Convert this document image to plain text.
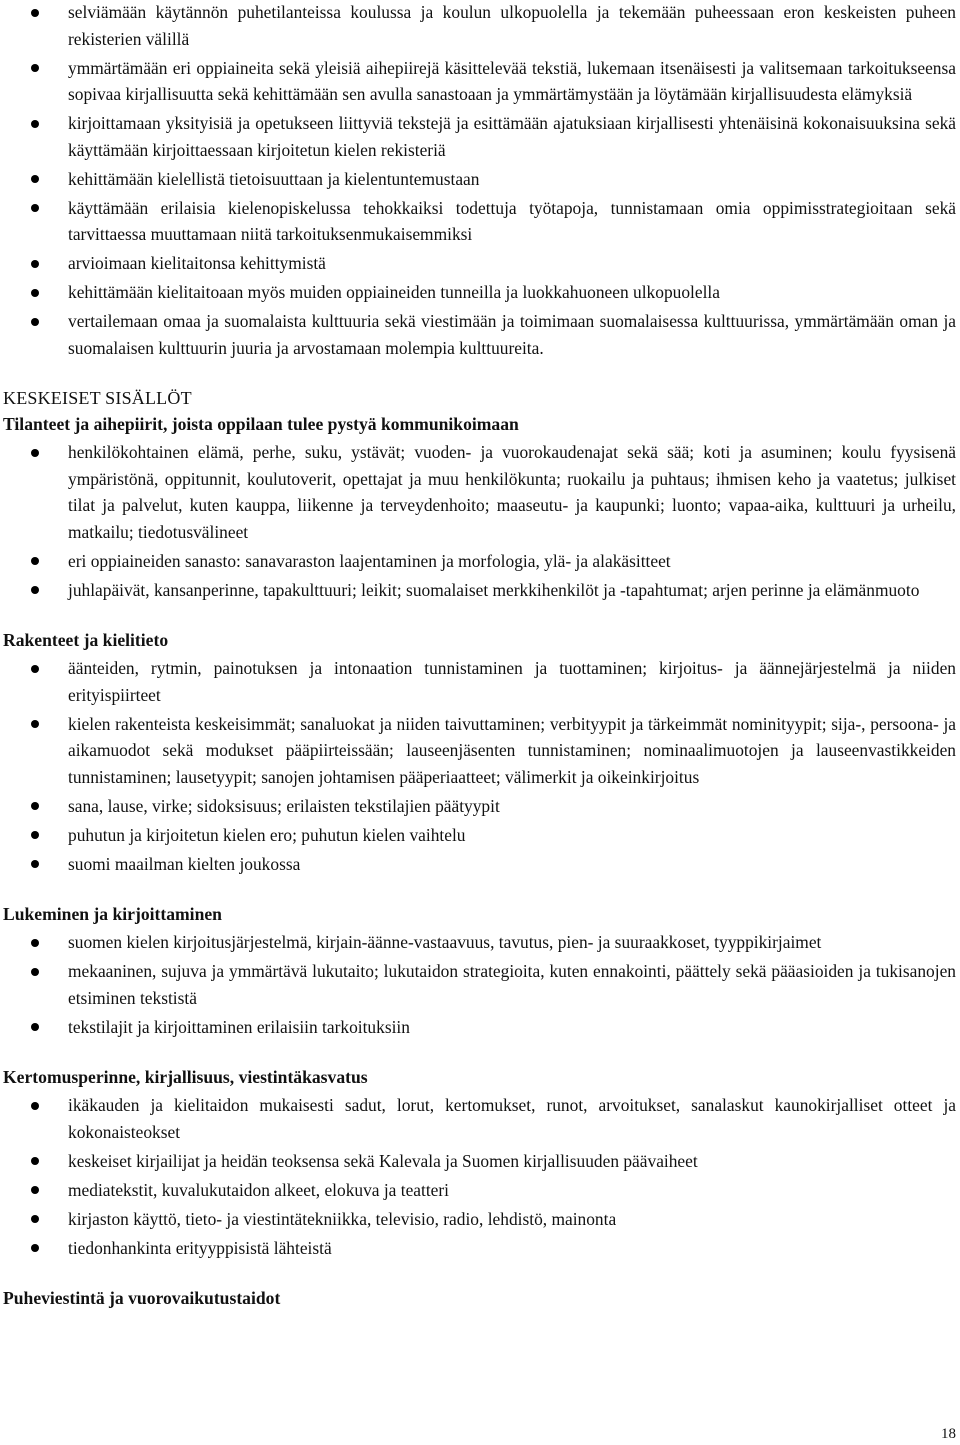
selviämään käytännön puhetilanteissa koulussa ja koulun ulkopuolella ja tekemään puheessaan eron keskeisten puheen rekisterien välillä
ymmärtämään eri oppiaineita sekä yleisiä aihepiirejä käsittelevää tekstiä, lukemaan itsenäisesti ja valitsemaan tarkoitukseensa sopivaa kirjallisuutta sekä kehittämään sen avulla sanastoaan ja ymmärtämystään ja löytämään kirjallisuudesta elämyksiä
kirjoittamaan yksityisiä ja opetukseen liittyviä tekstejä ja esittämään ajatuksiaan kirjallisesti yhtenäisinä kokonaisuuksina sekä käyttämään kirjoittaessaan kirjoitetun kielen rekisteriä
kehittämään kielellistä tietoisuuttaan ja kielentuntemustaan
käyttämään erilaisia kielenopiskelussa tehokkaiksi todettuja työtapoja, tunnistamaan omia oppimisstrategioitaan sekä tarvittaessa muuttamaan niitä tarkoituksenmukaisemmiksi
arvioimaan kielitaitonsa kehittymistä
kehittämään kielitaitoaan myös muiden oppiaineiden tunneilla ja luokkahuoneen ulkopuolella
vertailemaan omaa ja suomalaista kulttuuria sekä viestimään ja toimimaan suomalaisessa kulttuurissa, ymmärtämään oman ja suomalaisen kulttuurin juuria ja arvostamaan molempia kulttuureita.
KESKEISET SISÄLLÖT
Tilanteet ja aihepiirit, joista oppilaan tulee pystyä kommunikoimaan
henkilökohtainen elämä, perhe, suku, ystävät; vuoden- ja vuorokaudenajat sekä sää; koti ja asuminen; koulu fyysisenä ympäristönä, oppitunnit, koulutoverit, opettajat ja muu henkilökunta; ruokailu ja puhtaus; ihmisen keho ja vaatetus; julkiset tilat ja palvelut, kuten kauppa, liikenne ja terveydenhoito; maaseutu- ja kaupunki; luonto; vapaa-aika, kulttuuri ja urheilu, matkailu; tiedotusvälineet
eri oppiaineiden sanasto: sanavaraston laajentaminen ja morfologia, ylä- ja alakäsitteet
juhlapäivät, kansanperinne, tapakulttuuri; leikit; suomalaiset merkkihenkilöt ja -tapahtumat; arjen perinne ja elämänmuoto
Rakenteet ja kielitieto
äänteiden, rytmin, painotuksen ja intonaation tunnistaminen ja tuottaminen; kirjoitus- ja äännejärjestelmä ja niiden erityispiirteet
kielen rakenteista keskeisimmät; sanaluokat ja niiden taivuttaminen; verbityypit ja tärkeimmät nominityypit; sija-, persoona- ja aikamuodot sekä modukset pääpiirteissään; lauseenjäsenten tunnistaminen; nominaalimuotojen ja lauseenvastikkeiden tunnistaminen; lausetyypit; sanojen johtamisen pääperiaatteet; välimerkit ja oikeinkirjoitus
sana, lause, virke; sidoksisuus; erilaisten tekstilajien päätyypit
puhutun ja kirjoitetun kielen ero; puhutun kielen vaihtelu
suomi maailman kielten joukossa
Lukeminen ja kirjoittaminen
suomen kielen kirjoitusjärjestelmä, kirjain-äänne-vastaavuus, tavutus, pien- ja suuraakkoset, tyyppikirjaimet
mekaaninen, sujuva ja ymmärtävä lukutaito; lukutaidon strategioita, kuten ennakointi, päättely sekä pääasioiden ja tukisanojen etsiminen tekstistä
tekstilajit ja kirjoittaminen erilaisiin tarkoituksiin
Kertomusperinne, kirjallisuus, viestintäkasvatus
ikäkauden ja kielitaidon mukaisesti sadut, lorut, kertomukset, runot, arvoitukset, sanalaskut kaunokirjalliset otteet ja kokonaisteokset
keskeiset kirjailijat ja heidän teoksensa sekä Kalevala ja Suomen kirjallisuuden päävaiheet
mediatekstit, kuvalukutaidon alkeet, elokuva ja teatteri
kirjaston käyttö, tieto- ja viestintätekniikka, televisio, radio, lehdistö, mainonta
tiedonhankinta erityyppisistä lähteistä
Puheviestintä ja vuorovaikutustaidot
18
